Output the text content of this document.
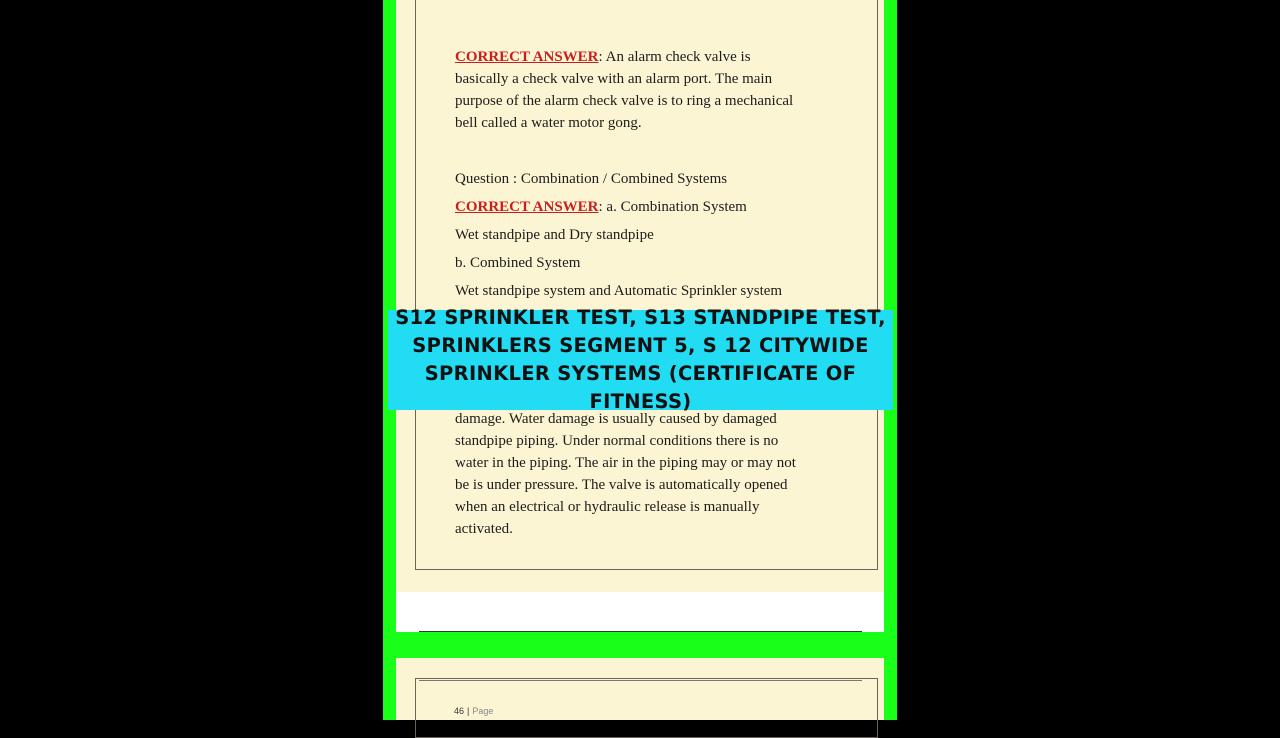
CORRECT ANSWER: An alarm check valve is
basically a check valve with an alarm port. The main
purpose of the alarm check valve is to ring a mechanical
bell called a water motor gong.
Question : Combination / Combined Systems
CORRECT ANSWER: a. Combination System
Wet standpipe and Dry standpipe
b. Combined System
Wet standpipe system and Automatic Sprinkler system
damage. Water damage is usually caused by damaged
standpipe piping. Under normal conditions there is no
water in the piping. The air in the piping may or may not
be is under pressure. The valve is automatically opened
when an electrical or hydraulic release is manually
activated.
46 | Page
S12 SPRINKLER TEST, S13 STANDPIPE TEST,
SPRINKLERS SEGMENT 5, S 12 CITYWIDE
SPRINKLER SYSTEMS (CERTIFICATE OF FITNESS)
